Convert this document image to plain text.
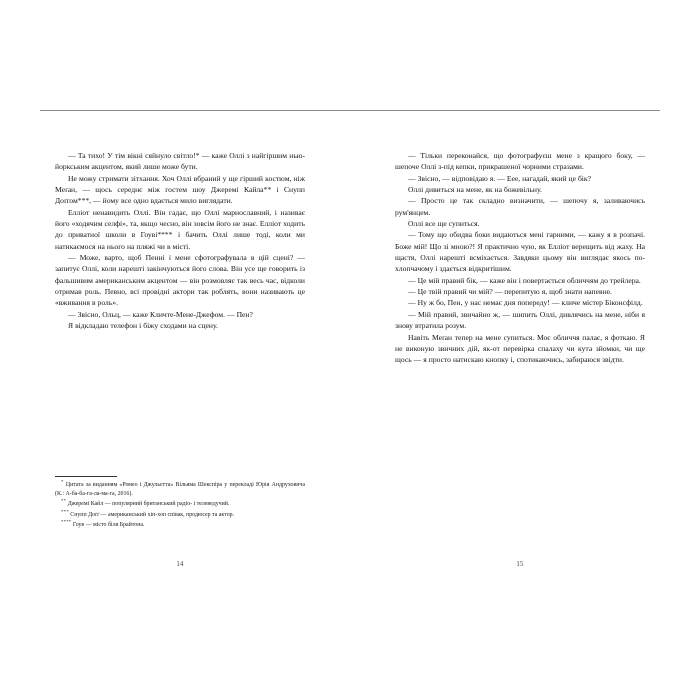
— Та тихо! У тім вікні сяйнуло світло!* — каже Оллі з найгіршим нью-йоркським акцентом, який лише може бути.

Не можу стримати зітхання. Хоч Оллі вбраний у ще гірший костюм, ніж Меґан, — щось середнє між гостем шоу Джеремі Кайла** і Снупп Доґґом***, — йому все одно вдається мило виглядати.

Елліот ненавидить Оллі. Він гадає, що Оллі марнославний, і називає його «ходячим селфі», та, якщо чесно, він зовсім його не знає. Елліот ходить до приватної школи в Гоуві**** і бачить Оллі лише тоді, коли ми натикаємося на нього на пляжі чи в місті.

— Може, варто, щоб Пенні і мене сфотографувала в цій сцені? — запитує Оллі, коли нарешті закінчуються його слова. Він усе ще говорить із фальшивим американським акцентом — він розмовляє так весь час, відколи отримав роль. Певно, всі провідні актори так роблять, вони називають це «вживання в роль».

— Звісно, Ольц, — каже Кличте-Мене-Джефом. — Пен?

Я відкладаю телефон і біжу сходами на сцену.

* Цитата за виданням «Ромео і Джульєтта» Вільяма Шекспіра у перекладі Юрія Андруховича (К.: А-ба-ба-га-ла-ма-га, 2016).

** Джеремі Кайл — популярний британський радіо- і телеведучий.

*** Снупп Доґґ — американський хіп-хоп співак, продюсер та актор.

**** Гоув — місто біля Брайтона.

14

— Тільки переконайся, що фотографуєш мене з кращого боку, — шепоче Оллі з-під кепки, прикрашеної чорними стразами.

— Звісно, — відповідаю я. — Еее, нагадай, який це бік?

Оллі дивиться на мене, як на божевільну.

— Просто це так складно визначити, — шепочу я, заливаючись рум'янцем.

Оллі все ще супиться.

— Тому що обидва боки видаються мені гарними, — кажу я в розпачі. Боже мій! Що зі мною?! Я практично чую, як Елліот верещить від жаху. На щастя, Оллі нарешті всміхається. Завдяки цьому він виглядає якось по-хлопчачому і здається відкритішим.

— Це мій правий бік, — каже він і повертається обличчям до трейлера.

— Це твій правий чи мій? — перепитую я, щоб знати напевне.

— Ну ж бо, Пен, у нас немає дня попереду! — кличе містер Біконсфілд.

— Мій правий, звичайно ж, — шипить Оллі, дивлячись на мене, ніби я знову втратила розум.

Навіть Меґан тепер на мене супиться. Моє обличчя палає, я фоткаю. Я не виконую звичних дій, як-от перевірка спалаху чи кута зйомки, чи ще щось — я просто натискаю кнопку і, спотикаючись, забираюся звідти.

15
